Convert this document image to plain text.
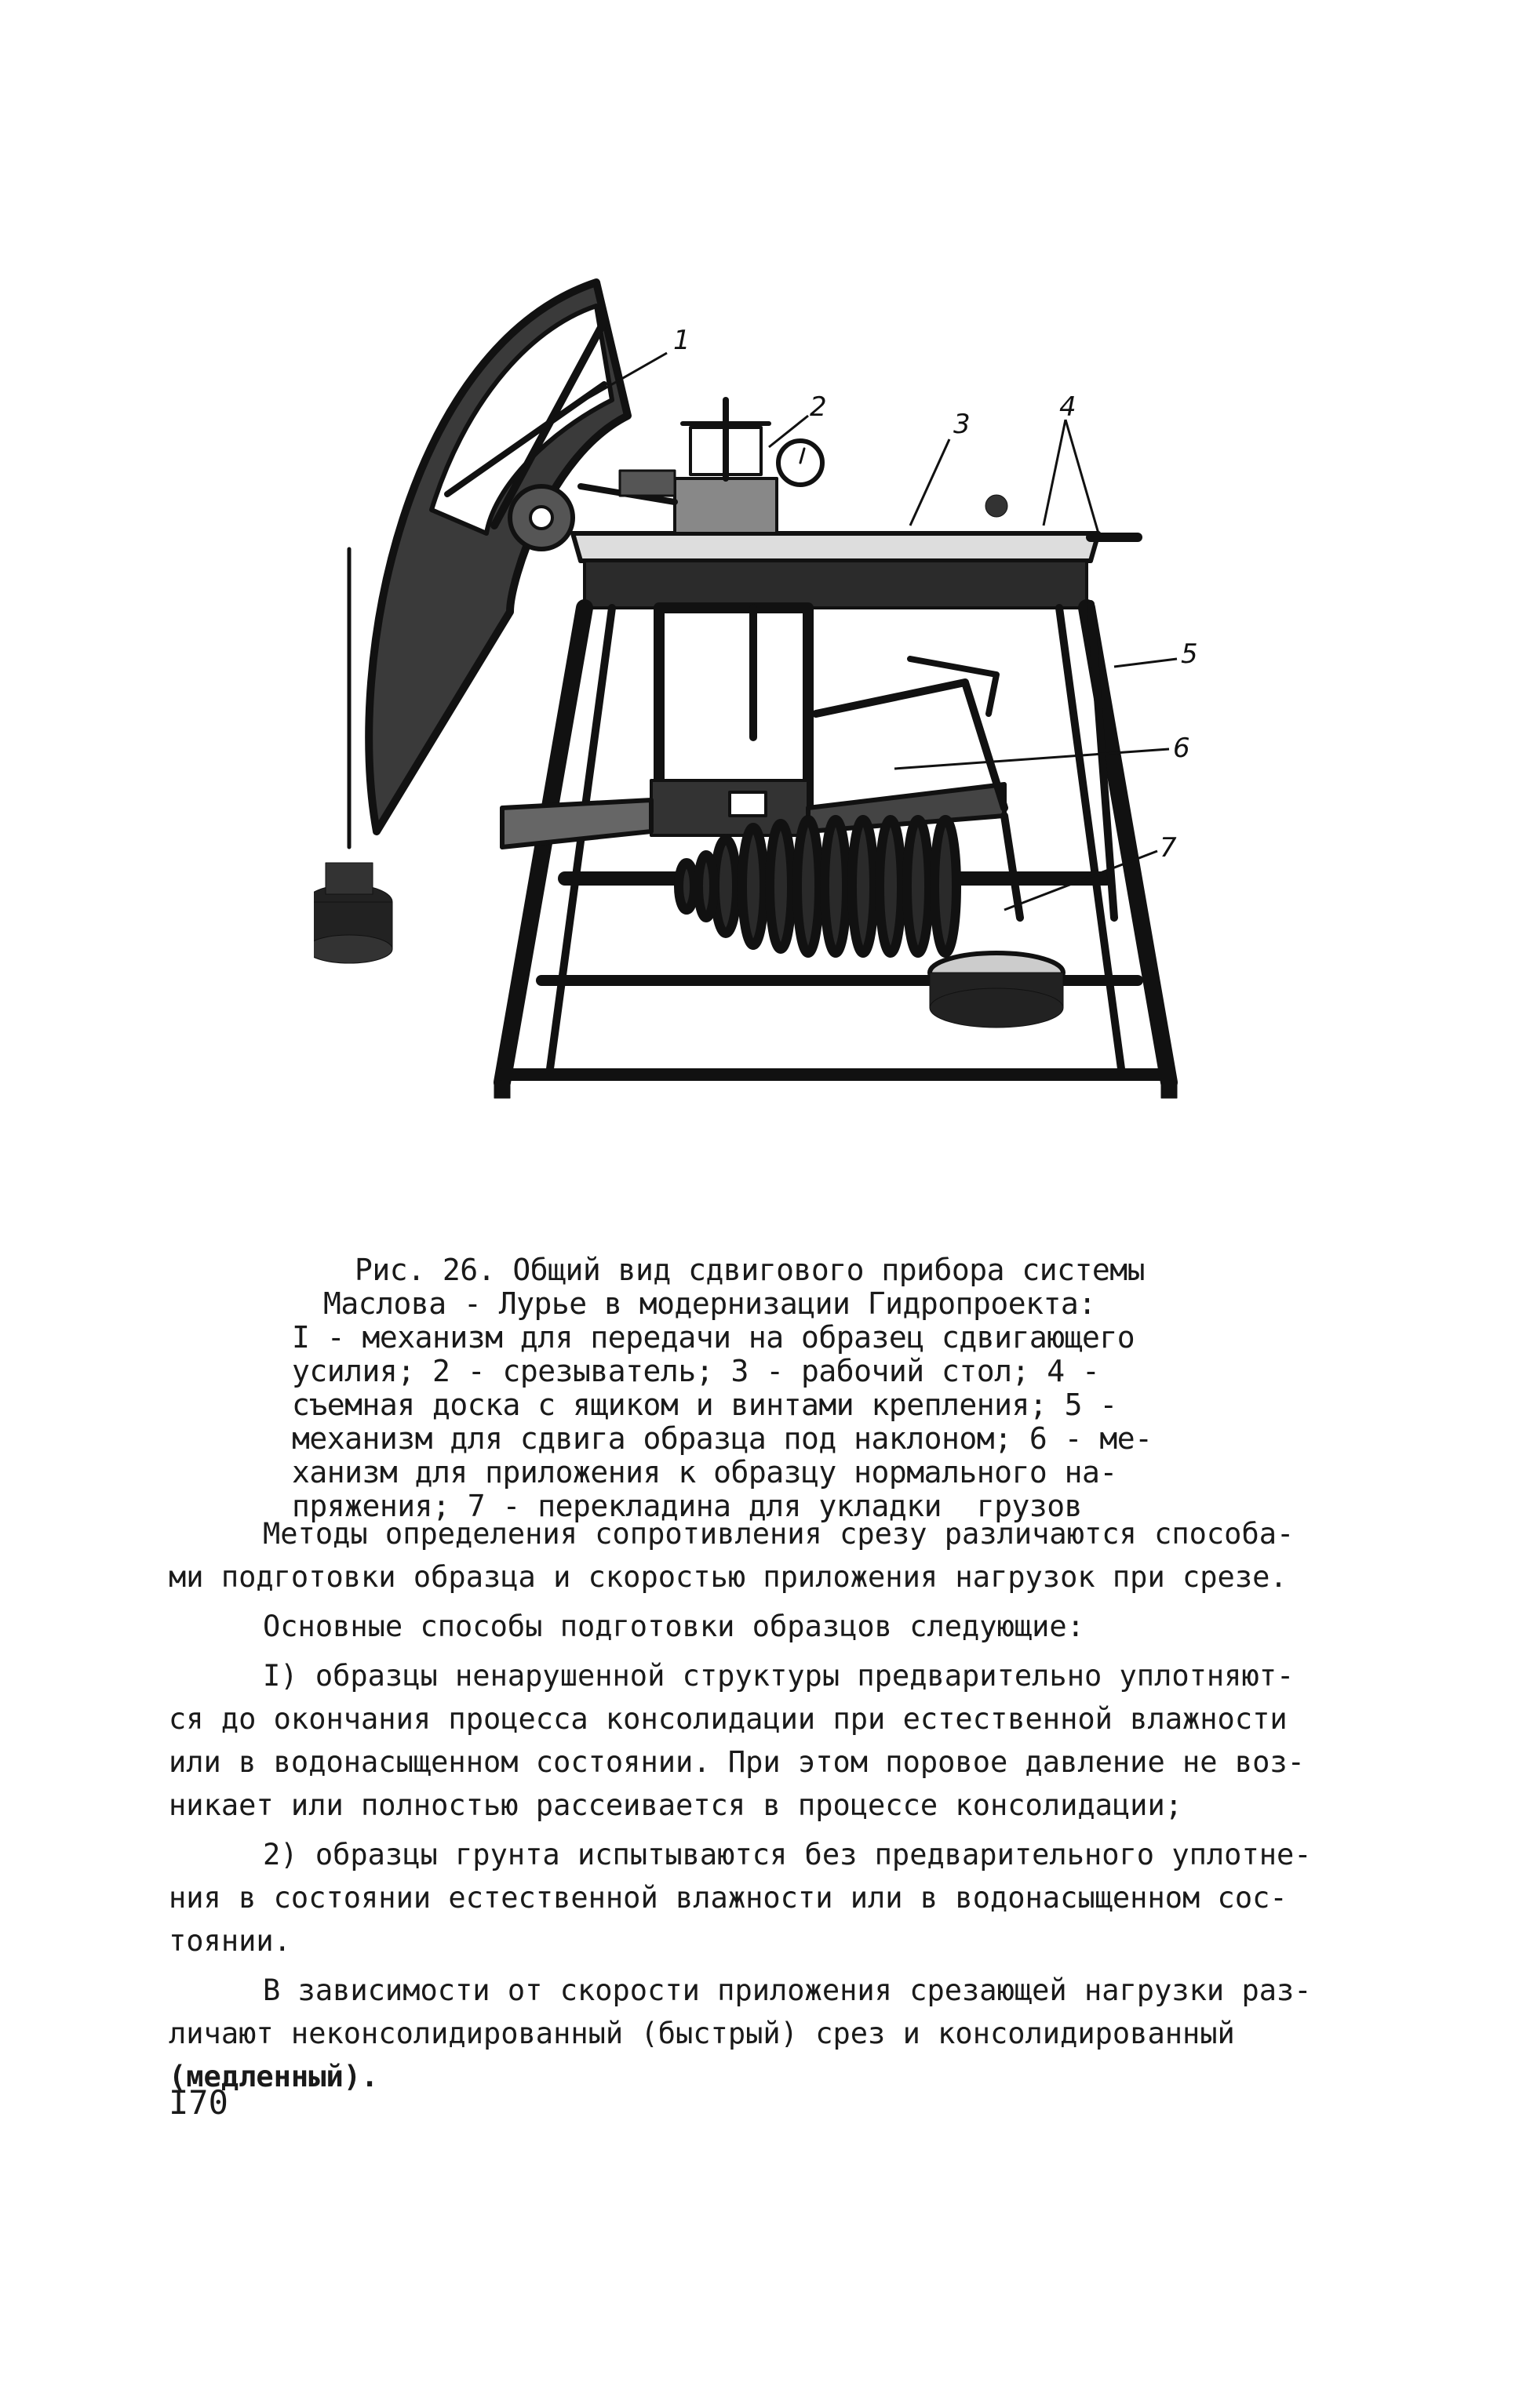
1
2
3
4
5
6
7
Рис. 26. Общий вид сдвигового прибора системы
Маслова - Лурье в модернизации Гидропроекта:
I - механизм для передачи на образец сдвигающего
усилия; 2 - срезыватель; 3 - рабочий стол; 4 -
съемная доска с ящиком и винтами крепления; 5 -
механизм для сдвига образца под наклоном; 6 - ме-
ханизм для приложения к образцу нормального на-
пряжения; 7 - перекладина для укладки  грузов
Методы определения сопротивления срезу различаются способа-
ми подготовки образца и скоростью приложения нагрузок при срезе.
Основные способы подготовки образцов следующие:
I) образцы ненарушенной структуры предварительно уплотняют-
ся до окончания процесса консолидации при естественной влажности
или в водонасыщенном состоянии. При этом поровое давление не воз-
никает или полностью рассеивается в процессе консолидации;
2) образцы грунта испытываются без предварительного уплотне-
ния в состоянии естественной влажности или в водонасыщенном сос-
тоянии.
В зависимости от скорости приложения срезающей нагрузки раз-
личают неконсолидированный (быстрый) срез и консолидированный
(медленный).
I70
